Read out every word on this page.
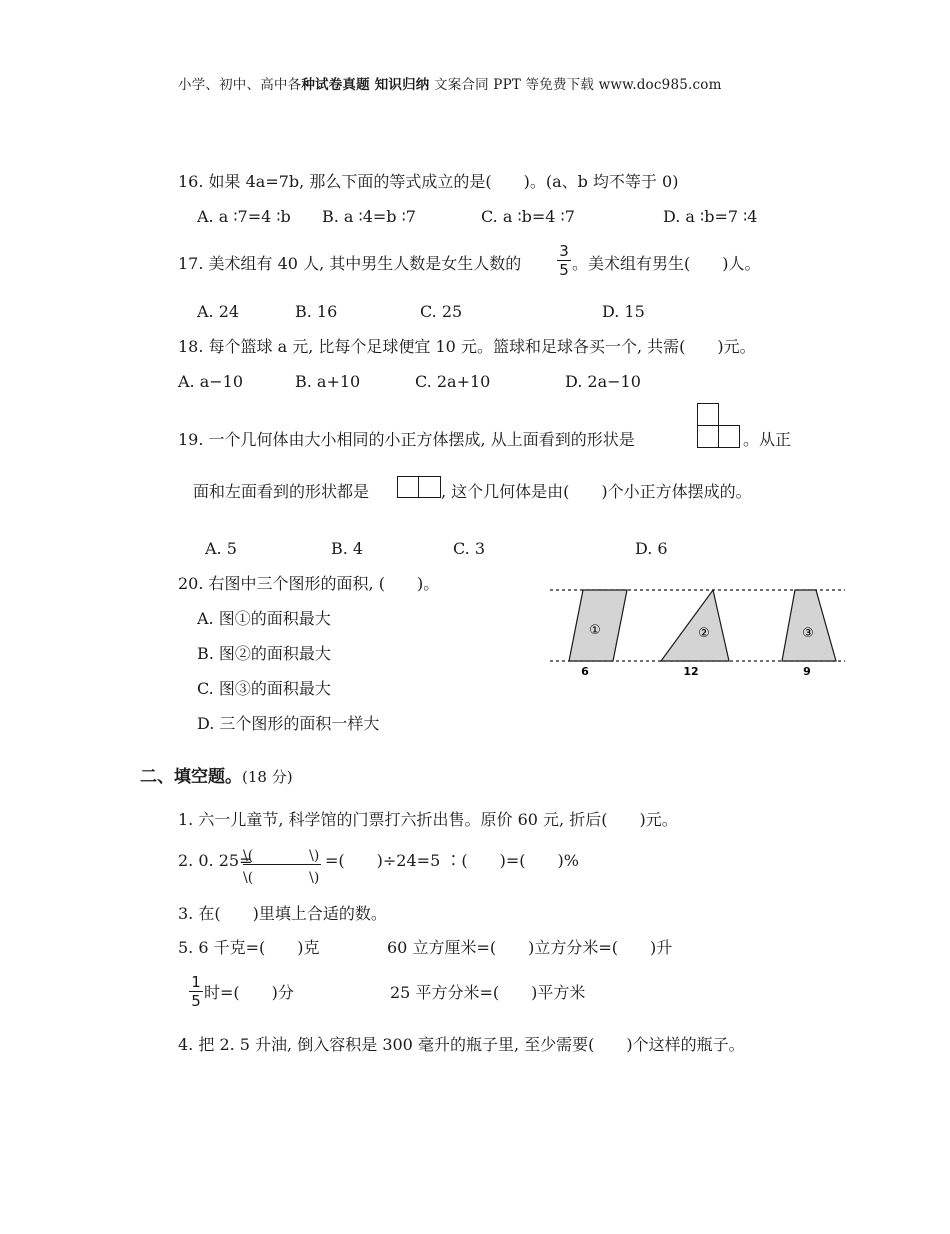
小学、初中、高中各种试卷真题 知识归纳 文案合同 PPT 等免费下载 www.doc985.com
16. 如果 4a=7b, 那么下面的等式成立的是(　　)。(a、b 均不等于 0)
A. a ∶7=4 ∶b B. a ∶4=b ∶7	C. a ∶b=4 ∶7	D. a ∶b=7 ∶4
17. 美术组有 40 人, 其中男生人数是女生人数的 $\frac{3}{5}$ 。美术组有男生(　　)人。
A. 24	B. 16	C. 25	D. 15
18. 每个篮球 a 元, 比每个足球便宜 10 元。篮球和足球各买一个, 共需(　　)元。
A. a−10	B. a+10	C. 2a+10	D. 2a−10
19. 一个几何体由大小相同的小正方体摆成, 从上面看到的形状是	。从正
面和左面看到的形状都是	, 这个几何体是由(　　)个小正方体摆成的。
A. 5	B. 4	C. 3	D. 6
20. 右图中三个图形的面积, (　　)。
A. 图①的面积最大
B. 图②的面积最大
C. 图③的面积最大
D. 三个图形的面积一样大
①	②	③
6	12	9
二、填空题。(18 分)
1. 六一儿童节, 科学馆的门票打六折出售。原价 60 元, 折后(　　)元。
2. 0. 25=
\(　　　　\)
\(　　　　\)
=(　　)÷24=5 ∶(　　)=(　　)%
3. 在(　　)里填上合适的数。
5. 6 千克=(　　)克	60 立方厘米=(　　)立方分米=(　　)升
$\frac{1}{5}$ 时=(　　)分	25 平方分米=(　　)平方米
4. 把 2. 5 升油, 倒入容积是 300 毫升的瓶子里, 至少需要(　　)个这样的瓶子。
